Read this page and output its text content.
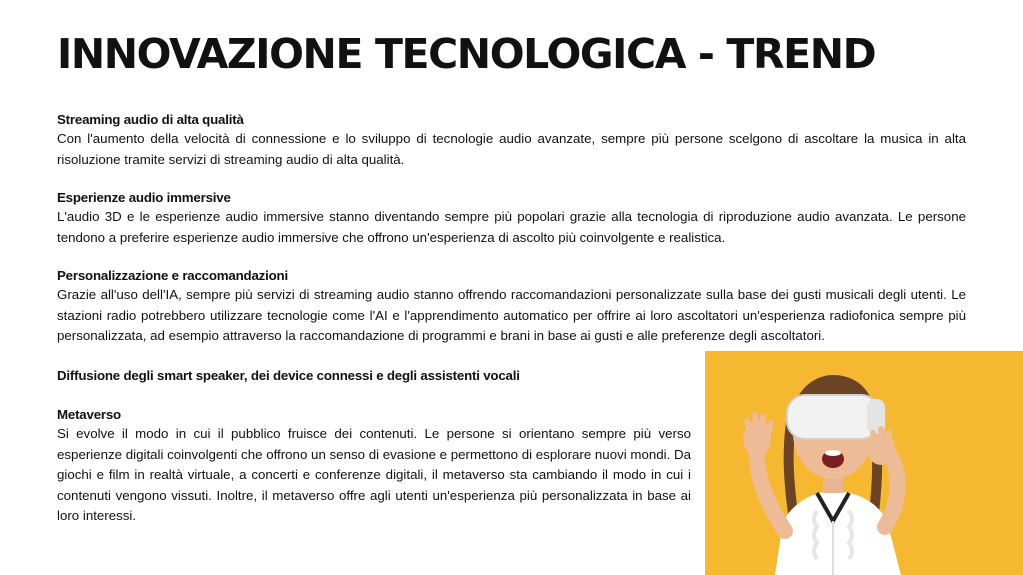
INNOVAZIONE TECNOLOGICA - TREND
Streaming audio di alta qualità

Con l'aumento della velocità di connessione e lo sviluppo di tecnologie audio avanzate, sempre più persone scelgono di ascoltare la musica in alta risoluzione tramite servizi di streaming audio di alta qualità.

Esperienze audio immersive

L'audio 3D e le esperienze audio immersive stanno diventando sempre più popolari grazie alla tecnologia di riproduzione audio avanzata. Le persone tendono a preferire esperienze audio immersive che offrono un'esperienza di ascolto più coinvolgente e realistica.

Personalizzazione e raccomandazioni

Grazie all'uso dell'IA, sempre più servizi di streaming audio stanno offrendo raccomandazioni personalizzate sulla base dei gusti musicali degli utenti. Le stazioni radio potrebbero utilizzare tecnologie come l'AI e l'apprendimento automatico per offrire ai loro ascoltatori un'esperienza radiofonica sempre più personalizzata, ad esempio attraverso la raccomandazione di programmi e brani in base ai gusti e alle preferenze degli ascoltatori.

Diffusione degli smart speaker, dei device connessi e degli assistenti vocali
Metaverso

Si evolve il modo in cui il pubblico fruisce dei contenuti. Le persone si orientano sempre più verso esperienze digitali coinvolgenti che offrono un senso di evasione e permettono di esplorare nuovi mondi. Da giochi e film in realtà virtuale, a concerti e conferenze digitali, il metaverso sta cambiando il modo in cui i contenuti vengono vissuti. Inoltre, il metaverso offre agli utenti un'esperienza più personalizzata in base ai loro interessi.
